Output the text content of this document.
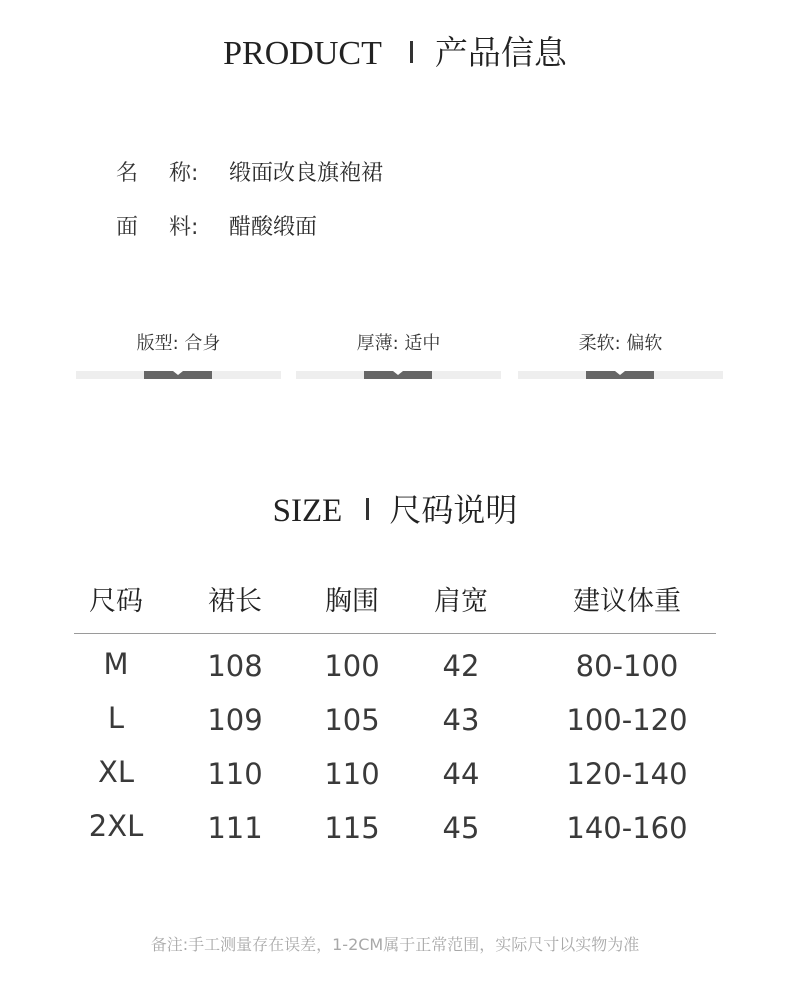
PRODUCT 产品信息
名 称: 缎面改良旗袍裙
面 料: 醋酸缎面
版型: 合身	厚薄: 适中	柔软: 偏软
SIZE 尺码说明
尺码	裙长	胸围	肩宽	建议体重
M	108	100	42	80-100
L	109	105	43	100-120
XL	110	110	44	120-140
2XL	111	115	45	140-160
备注:手工测量存在误差，1-2CM属于正常范围，实际尺寸以实物为准
